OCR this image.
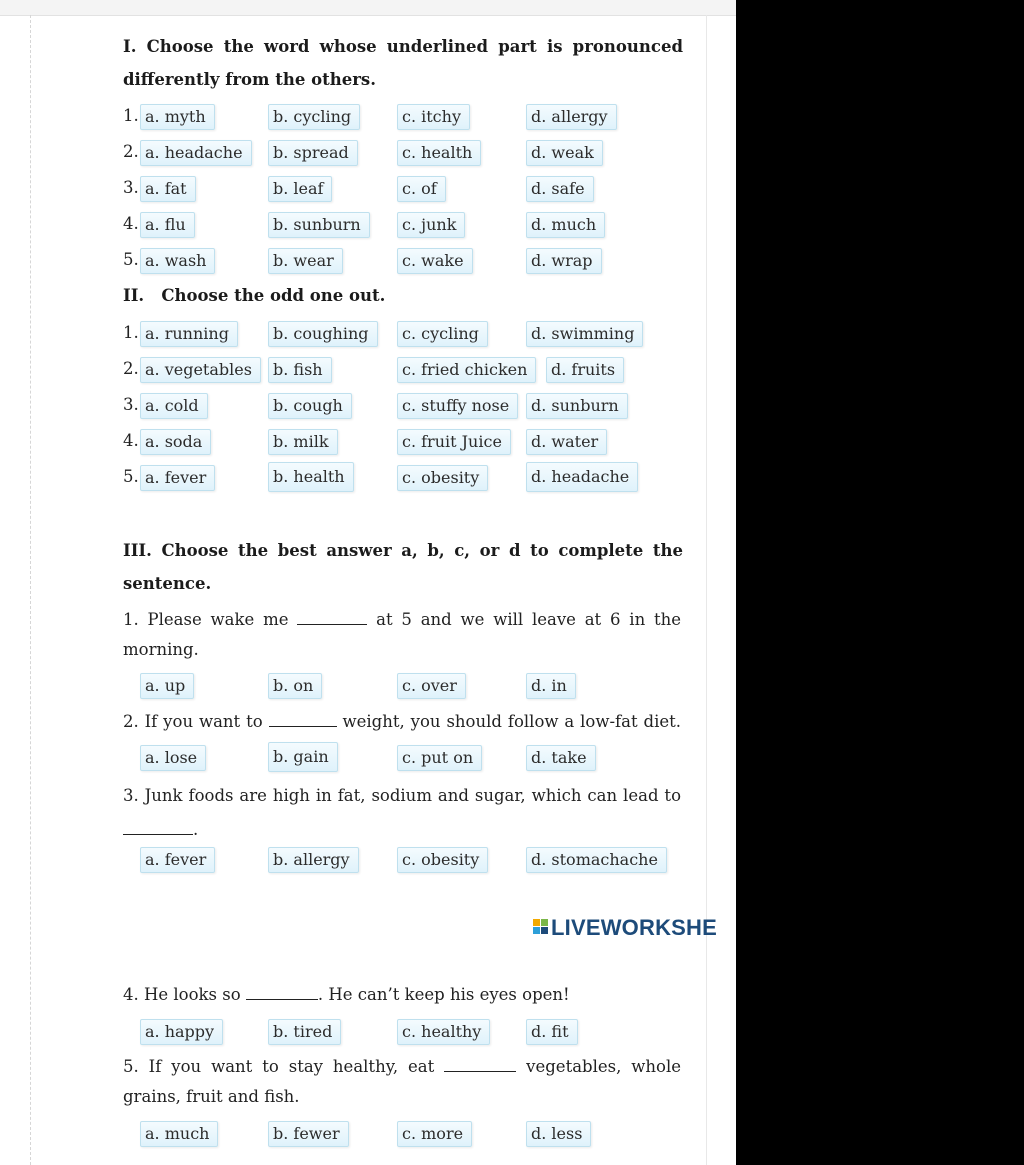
I. Choose the word whose underlined part is pronounced
differently from the others.
1. a. myth	b. cycling	c. itchy	d. allergy
2. a. headache	b. spread	c. health	d. weak
3. a. fat	b. leaf	c. of	d. safe
4. a. flu	b. sunburn	c. junk	d. much
5. a. wash	b. wear	c. wake	d. wrap
II.   Choose the odd one out.
1. a. running	b. coughing	c. cycling	d. swimming
2. a. vegetables	b. fish	c. fried chicken	d. fruits
3. a. cold	b. cough	c. stuffy nose	d. sunburn
4. a. soda	b. milk	c. fruit Juice	d. water
5. a. fever	b. health	c. obesity	d. headache
III. Choose the best answer a, b, c, or d to complete the
sentence.
1. Please wake me	at 5 and we will leave at 6 in the
morning.
a. up	b. on	c. over	d. in
2. If you want to	weight, you should follow a low-fat diet.
a. lose	b. gain	c. put on	d. take
3. Junk foods are high in fat, sodium and sugar, which can lead to
.
a. fever	b. allergy	c. obesity	d. stomachache
LIVEWORKSHE
4. He looks so	. He can’t keep his eyes open!
a. happy	b. tired	c. healthy	d. fit
5. If you want to stay healthy, eat	vegetables, whole
grains, fruit and fish.
a. much	b. fewer	c. more	d. less
